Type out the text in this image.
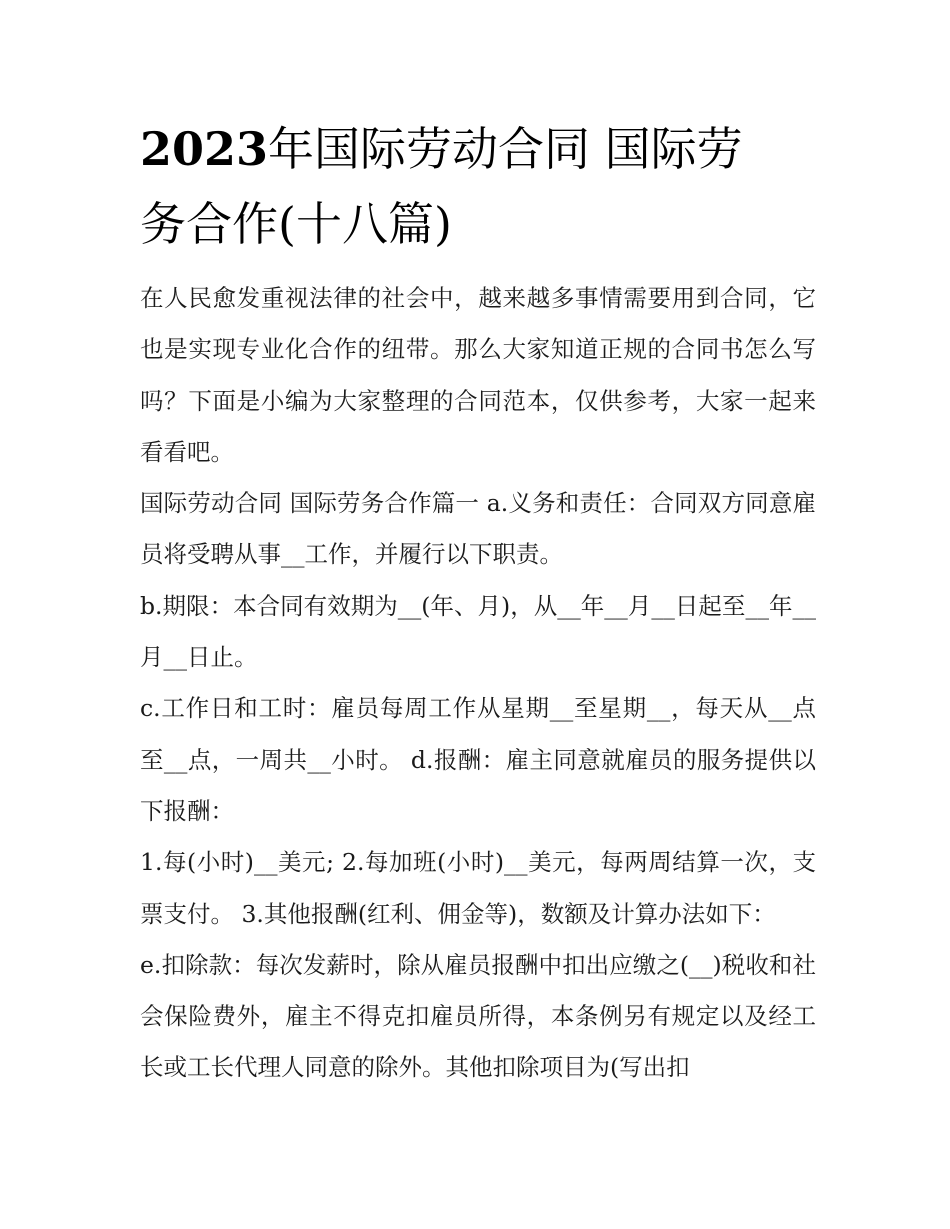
2023年国际劳动合同 国际劳
务合作(十八篇)

在人民愈发重视法律的社会中，越来越多事情需要用到合同，它也是实现专业化合作的纽带。那么大家知道正规的合同书怎么写吗？下面是小编为大家整理的合同范本，仅供参考，大家一起来看看吧。

国际劳动合同 国际劳务合作篇一 a.义务和责任：合同双方同意雇员将受聘从事__工作，并履行以下职责。

b.期限：本合同有效期为__(年、月)，从__年__月__日起至__年__月__日止。

c.工作日和工时：雇员每周工作从星期__至星期__，每天从__点至__点，一周共__小时。 d.报酬：雇主同意就雇员的服务提供以下报酬：

1.每(小时)__美元; 2.每加班(小时)__美元，每两周结算一次，支票支付。 3.其他报酬(红利、佣金等)，数额及计算办法如下：

e.扣除款：每次发薪时，除从雇员报酬中扣出应缴之(__)税收和社会保险费外，雇主不得克扣雇员所得，本条例另有规定以及经工长或工长代理人同意的除外。其他扣除项目为(写出扣
